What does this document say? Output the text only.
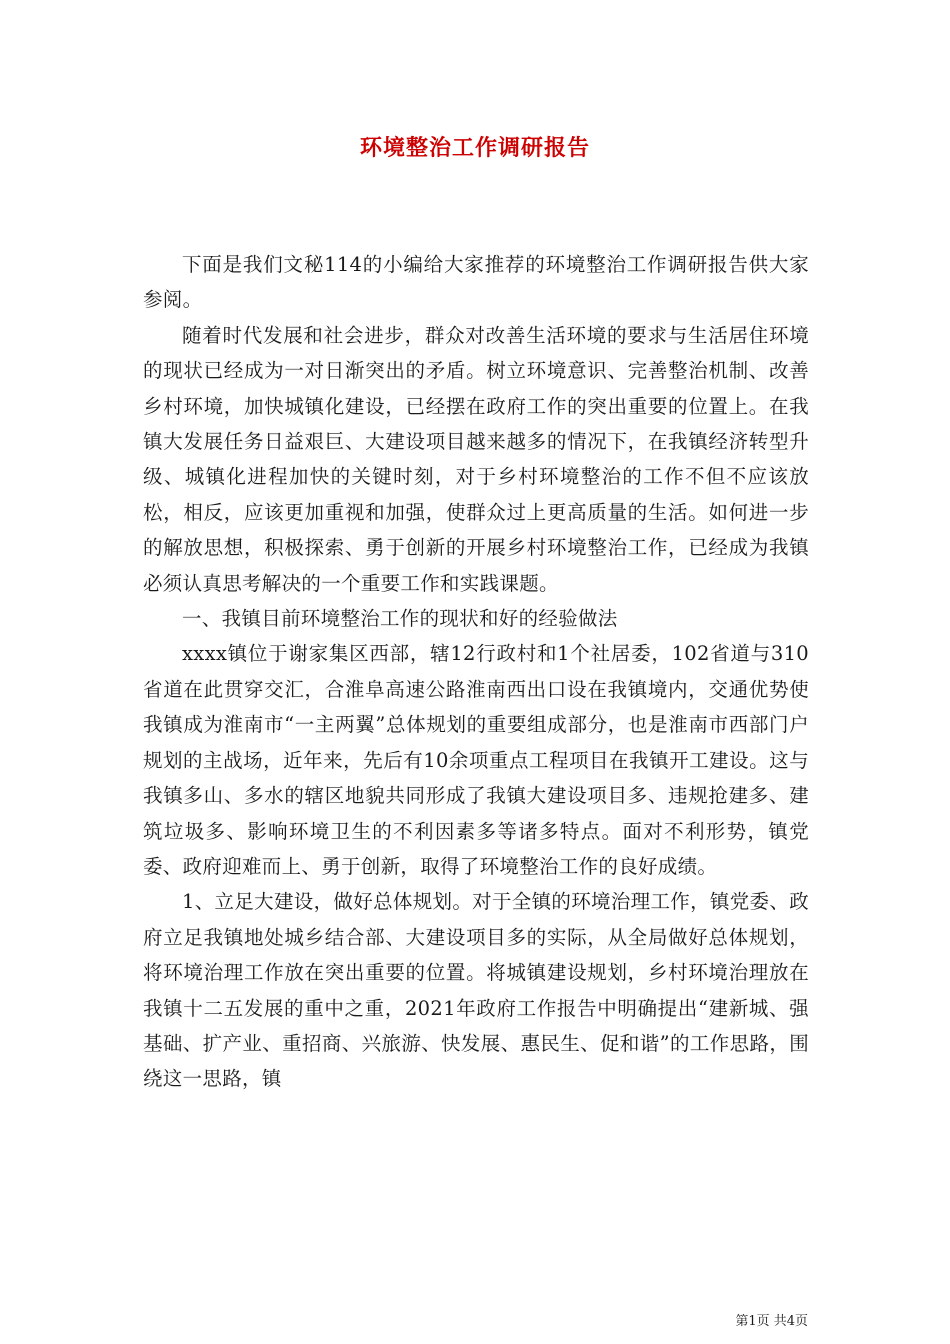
环境整治工作调研报告

下面是我们文秘114的小编给大家推荐的环境整治工作调研报告供大家参阅。

随着时代发展和社会进步，群众对改善生活环境的要求与生活居住环境的现状已经成为一对日渐突出的矛盾。树立环境意识、完善整治机制、改善乡村环境，加快城镇化建设，已经摆在政府工作的突出重要的位置上。在我镇大发展任务日益艰巨、大建设项目越来越多的情况下，在我镇经济转型升级、城镇化进程加快的关键时刻，对于乡村环境整治的工作不但不应该放松，相反，应该更加重视和加强，使群众过上更高质量的生活。如何进一步的解放思想，积极探索、勇于创新的开展乡村环境整治工作，已经成为我镇必须认真思考解决的一个重要工作和实践课题。

一、我镇目前环境整治工作的现状和好的经验做法

xxxx镇位于谢家集区西部，辖12行政村和1个社居委，102省道与310省道在此贯穿交汇，合淮阜高速公路淮南西出口设在我镇境内，交通优势使我镇成为淮南市“一主两翼”总体规划的重要组成部分，也是淮南市西部门户规划的主战场，近年来，先后有10余项重点工程项目在我镇开工建设。这与我镇多山、多水的辖区地貌共同形成了我镇大建设项目多、违规抢建多、建筑垃圾多、影响环境卫生的不利因素多等诸多特点。面对不利形势，镇党委、政府迎难而上、勇于创新，取得了环境整治工作的良好成绩。

1、立足大建设，做好总体规划。对于全镇的环境治理工作，镇党委、政府立足我镇地处城乡结合部、大建设项目多的实际，从全局做好总体规划，将环境治理工作放在突出重要的位置。将城镇建设规划，乡村环境治理放在我镇十二五发展的重中之重，2021年政府工作报告中明确提出“建新城、强基础、扩产业、重招商、兴旅游、快发展、惠民生、促和谐”的工作思路，围绕这一思路，镇

第1页 共4页
